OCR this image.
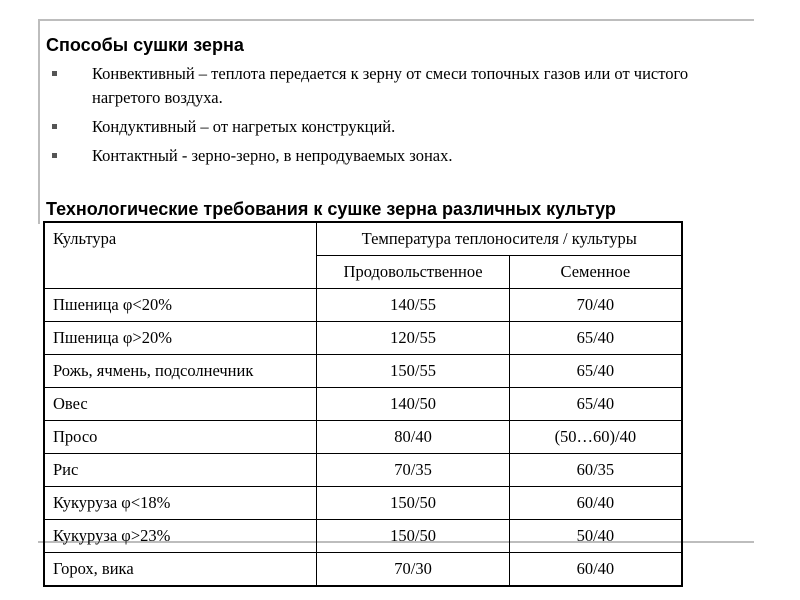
Способы сушки зерна
Конвективный – теплота передается к зерну от смеси топочных газов или от чистого нагретого воздуха.
Кондуктивный – от нагретых конструкций.
Контактный - зерно-зерно, в непродуваемых зонах.
Технологические требования к сушке зерна различных культур
Культура	Температура теплоносителя / культуры	
	Продовольственное	Семенное
Пшеница φ<20%	140/55	70/40
Пшеница φ>20%	120/55	65/40
Рожь, ячмень, подсолнечник	150/55	65/40
Овес	140/50	65/40
Просо	80/40	(50…60)/40
Рис	70/35	60/35
Кукуруза φ<18%	150/50	60/40
Кукуруза φ>23%	150/50	50/40
Горох, вика	70/30	60/40
